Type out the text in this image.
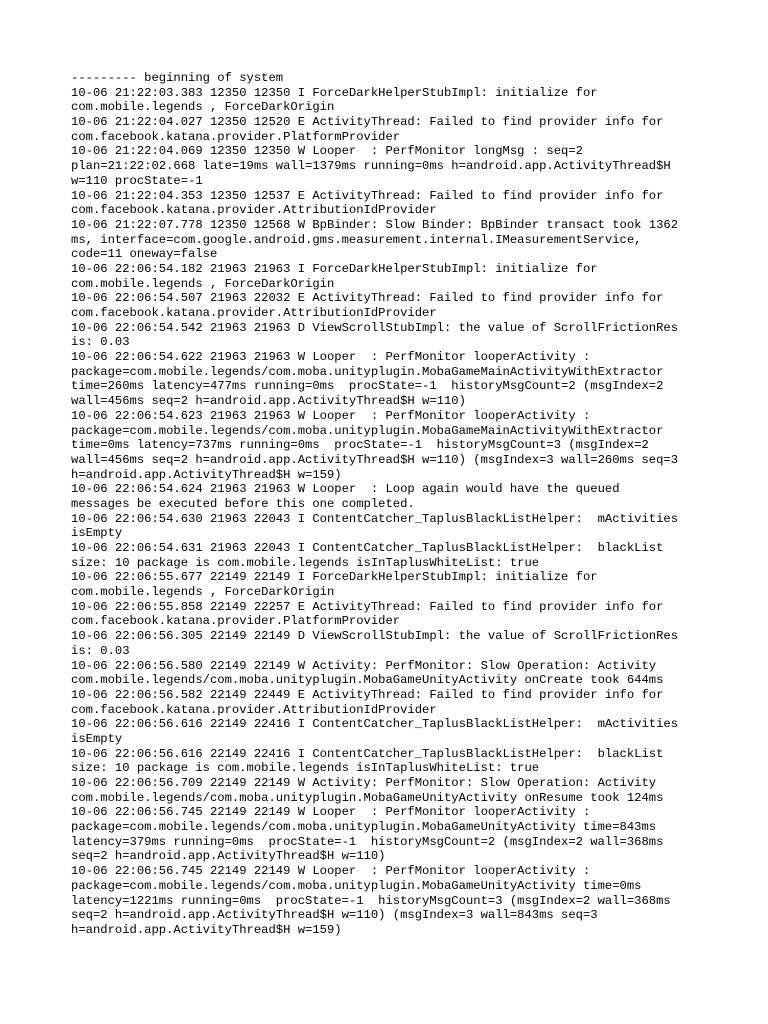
--------- beginning of system
10-06 21:22:03.383 12350 12350 I ForceDarkHelperStubImpl: initialize for
com.mobile.legends , ForceDarkOrigin
10-06 21:22:04.027 12350 12520 E ActivityThread: Failed to find provider info for
com.facebook.katana.provider.PlatformProvider
10-06 21:22:04.069 12350 12350 W Looper  : PerfMonitor longMsg : seq=2
plan=21:22:02.668 late=19ms wall=1379ms running=0ms h=android.app.ActivityThread$H
w=110 procState=-1
10-06 21:22:04.353 12350 12537 E ActivityThread: Failed to find provider info for
com.facebook.katana.provider.AttributionIdProvider
10-06 21:22:07.778 12350 12568 W BpBinder: Slow Binder: BpBinder transact took 1362
ms, interface=com.google.android.gms.measurement.internal.IMeasurementService,
code=11 oneway=false
10-06 22:06:54.182 21963 21963 I ForceDarkHelperStubImpl: initialize for
com.mobile.legends , ForceDarkOrigin
10-06 22:06:54.507 21963 22032 E ActivityThread: Failed to find provider info for
com.facebook.katana.provider.AttributionIdProvider
10-06 22:06:54.542 21963 21963 D ViewScrollStubImpl: the value of ScrollFrictionRes
is: 0.03
10-06 22:06:54.622 21963 21963 W Looper  : PerfMonitor looperActivity :
package=com.mobile.legends/com.moba.unityplugin.MobaGameMainActivityWithExtractor
time=260ms latency=477ms running=0ms  procState=-1  historyMsgCount=2 (msgIndex=2
wall=456ms seq=2 h=android.app.ActivityThread$H w=110)
10-06 22:06:54.623 21963 21963 W Looper  : PerfMonitor looperActivity :
package=com.mobile.legends/com.moba.unityplugin.MobaGameMainActivityWithExtractor
time=0ms latency=737ms running=0ms  procState=-1  historyMsgCount=3 (msgIndex=2
wall=456ms seq=2 h=android.app.ActivityThread$H w=110) (msgIndex=3 wall=260ms seq=3
h=android.app.ActivityThread$H w=159)
10-06 22:06:54.624 21963 21963 W Looper  : Loop again would have the queued
messages be executed before this one completed.
10-06 22:06:54.630 21963 22043 I ContentCatcher_TaplusBlackListHelper:  mActivities
isEmpty
10-06 22:06:54.631 21963 22043 I ContentCatcher_TaplusBlackListHelper:  blackList
size: 10 package is com.mobile.legends isInTaplusWhiteList: true
10-06 22:06:55.677 22149 22149 I ForceDarkHelperStubImpl: initialize for
com.mobile.legends , ForceDarkOrigin
10-06 22:06:55.858 22149 22257 E ActivityThread: Failed to find provider info for
com.facebook.katana.provider.PlatformProvider
10-06 22:06:56.305 22149 22149 D ViewScrollStubImpl: the value of ScrollFrictionRes
is: 0.03
10-06 22:06:56.580 22149 22149 W Activity: PerfMonitor: Slow Operation: Activity
com.mobile.legends/com.moba.unityplugin.MobaGameUnityActivity onCreate took 644ms
10-06 22:06:56.582 22149 22449 E ActivityThread: Failed to find provider info for
com.facebook.katana.provider.AttributionIdProvider
10-06 22:06:56.616 22149 22416 I ContentCatcher_TaplusBlackListHelper:  mActivities
isEmpty
10-06 22:06:56.616 22149 22416 I ContentCatcher_TaplusBlackListHelper:  blackList
size: 10 package is com.mobile.legends isInTaplusWhiteList: true
10-06 22:06:56.709 22149 22149 W Activity: PerfMonitor: Slow Operation: Activity
com.mobile.legends/com.moba.unityplugin.MobaGameUnityActivity onResume took 124ms
10-06 22:06:56.745 22149 22149 W Looper  : PerfMonitor looperActivity :
package=com.mobile.legends/com.moba.unityplugin.MobaGameUnityActivity time=843ms
latency=379ms running=0ms  procState=-1  historyMsgCount=2 (msgIndex=2 wall=368ms
seq=2 h=android.app.ActivityThread$H w=110)
10-06 22:06:56.745 22149 22149 W Looper  : PerfMonitor looperActivity :
package=com.mobile.legends/com.moba.unityplugin.MobaGameUnityActivity time=0ms
latency=1221ms running=0ms  procState=-1  historyMsgCount=3 (msgIndex=2 wall=368ms
seq=2 h=android.app.ActivityThread$H w=110) (msgIndex=3 wall=843ms seq=3
h=android.app.ActivityThread$H w=159)
